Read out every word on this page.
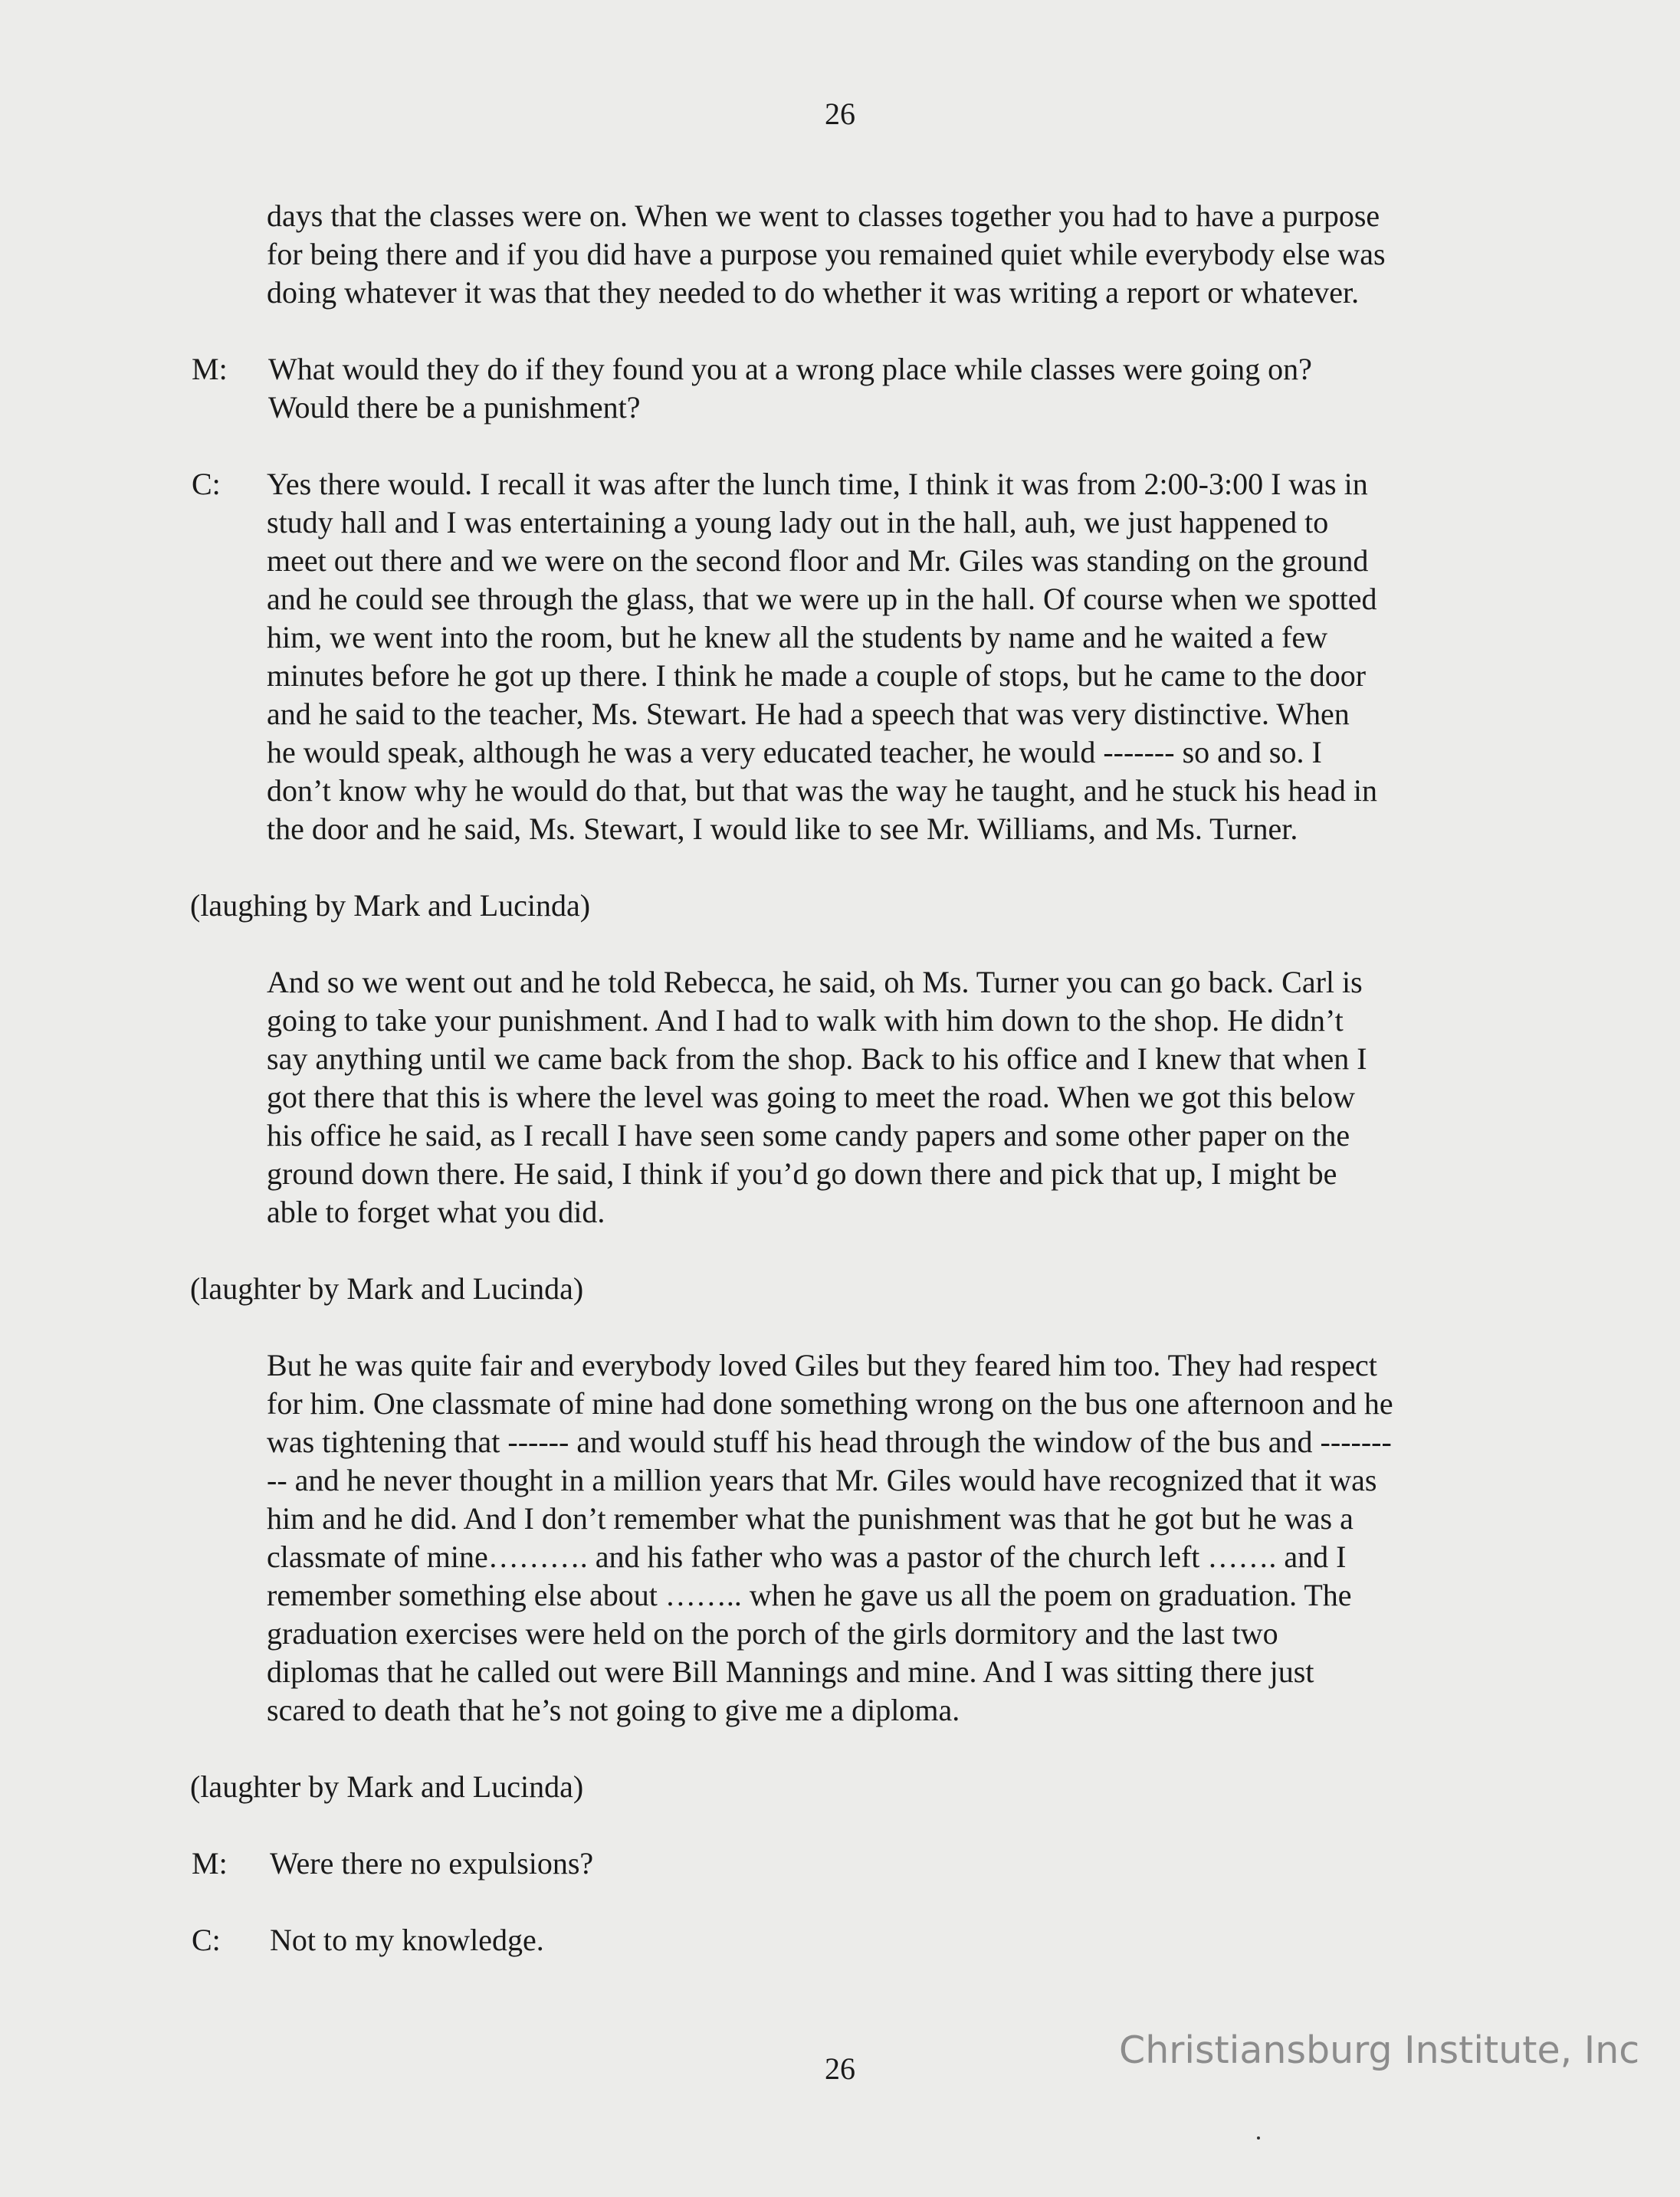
26
days that the classes were on. When we went to classes together you had to have a purpose
for being there and if you did have a purpose you remained quiet while everybody else was
doing whatever it was that they needed to do whether it was writing a report or whatever.
M: What would they do if they found you at a wrong place while classes were going on?
Would there be a punishment?
C: Yes there would. I recall it was after the lunch time, I think it was from 2:00-3:00 I was in
study hall and I was entertaining a young lady out in the hall, auh, we just happened to
meet out there and we were on the second floor and Mr. Giles was standing on the ground
and he could see through the glass, that we were up in the hall. Of course when we spotted
him, we went into the room, but he knew all the students by name and he waited a few
minutes before he got up there. I think he made a couple of stops, but he came to the door
and he said to the teacher, Ms. Stewart. He had a speech that was very distinctive. When
he would speak, although he was a very educated teacher, he would ------- so and so. I
don’t know why he would do that, but that was the way he taught, and he stuck his head in
the door and he said, Ms. Stewart, I would like to see Mr. Williams, and Ms. Turner.
(laughing by Mark and Lucinda)
And so we went out and he told Rebecca, he said, oh Ms. Turner you can go back. Carl is
going to take your punishment. And I had to walk with him down to the shop. He didn’t
say anything until we came back from the shop. Back to his office and I knew that when I
got there that this is where the level was going to meet the road. When we got this below
his office he said, as I recall I have seen some candy papers and some other paper on the
ground down there. He said, I think if you’d go down there and pick that up, I might be
able to forget what you did.
(laughter by Mark and Lucinda)
But he was quite fair and everybody loved Giles but they feared him too. They had respect
for him. One classmate of mine had done something wrong on the bus one afternoon and he
was tightening that ------ and would stuff his head through the window of the bus and -------
-- and he never thought in a million years that Mr. Giles would have recognized that it was
him and he did. And I don’t remember what the punishment was that he got but he was a
classmate of mine………. and his father who was a pastor of the church left ……. and I
remember something else about …….. when he gave us all the poem on graduation. The
graduation exercises were held on the porch of the girls dormitory and the last two
diplomas that he called out were Bill Mannings and mine. And I was sitting there just
scared to death that he’s not going to give me a diploma.
(laughter by Mark and Lucinda)
M: Were there no expulsions?
C: Not to my knowledge.
26	Christiansburg Institute, Inc
